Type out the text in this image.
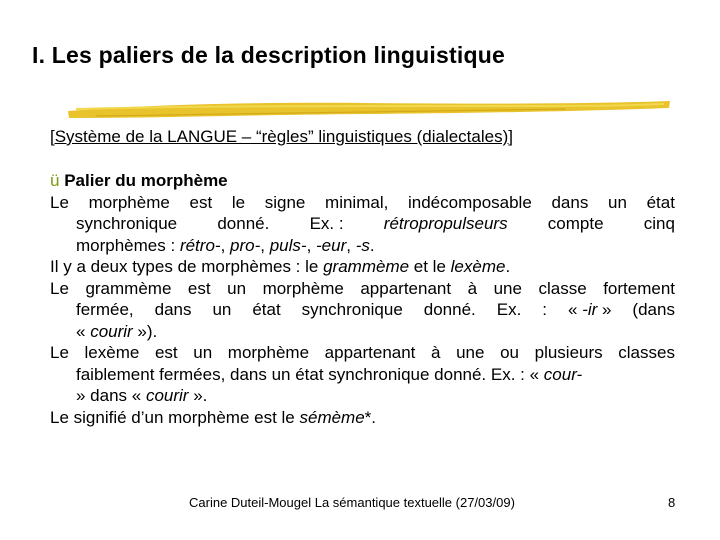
I. Les paliers de la description linguistique
[Système de la LANGUE – “règles” linguistiques (dialectales)]
ü Palier du morphème
Le morphème est le signe minimal, indécomposable dans un état
synchronique donné. Ex. : rétropropulseurs compte cinq
morphèmes : rétro-, pro-, puls-, -eur, -s.
Il y a deux types de morphèmes : le grammème et le lexème.
Le grammème est un morphème appartenant à une classe fortement
fermée, dans un état synchronique donné. Ex. : « -ir » (dans
« courir »).
Le lexème est un morphème appartenant à une ou plusieurs classes
faiblement fermées, dans un état synchronique donné. Ex. : « cour-
» dans « courir ».
Le signifié d’un morphème est le sémème*.
Carine Duteil-Mougel La sémantique textuelle (27/03/09)	8
